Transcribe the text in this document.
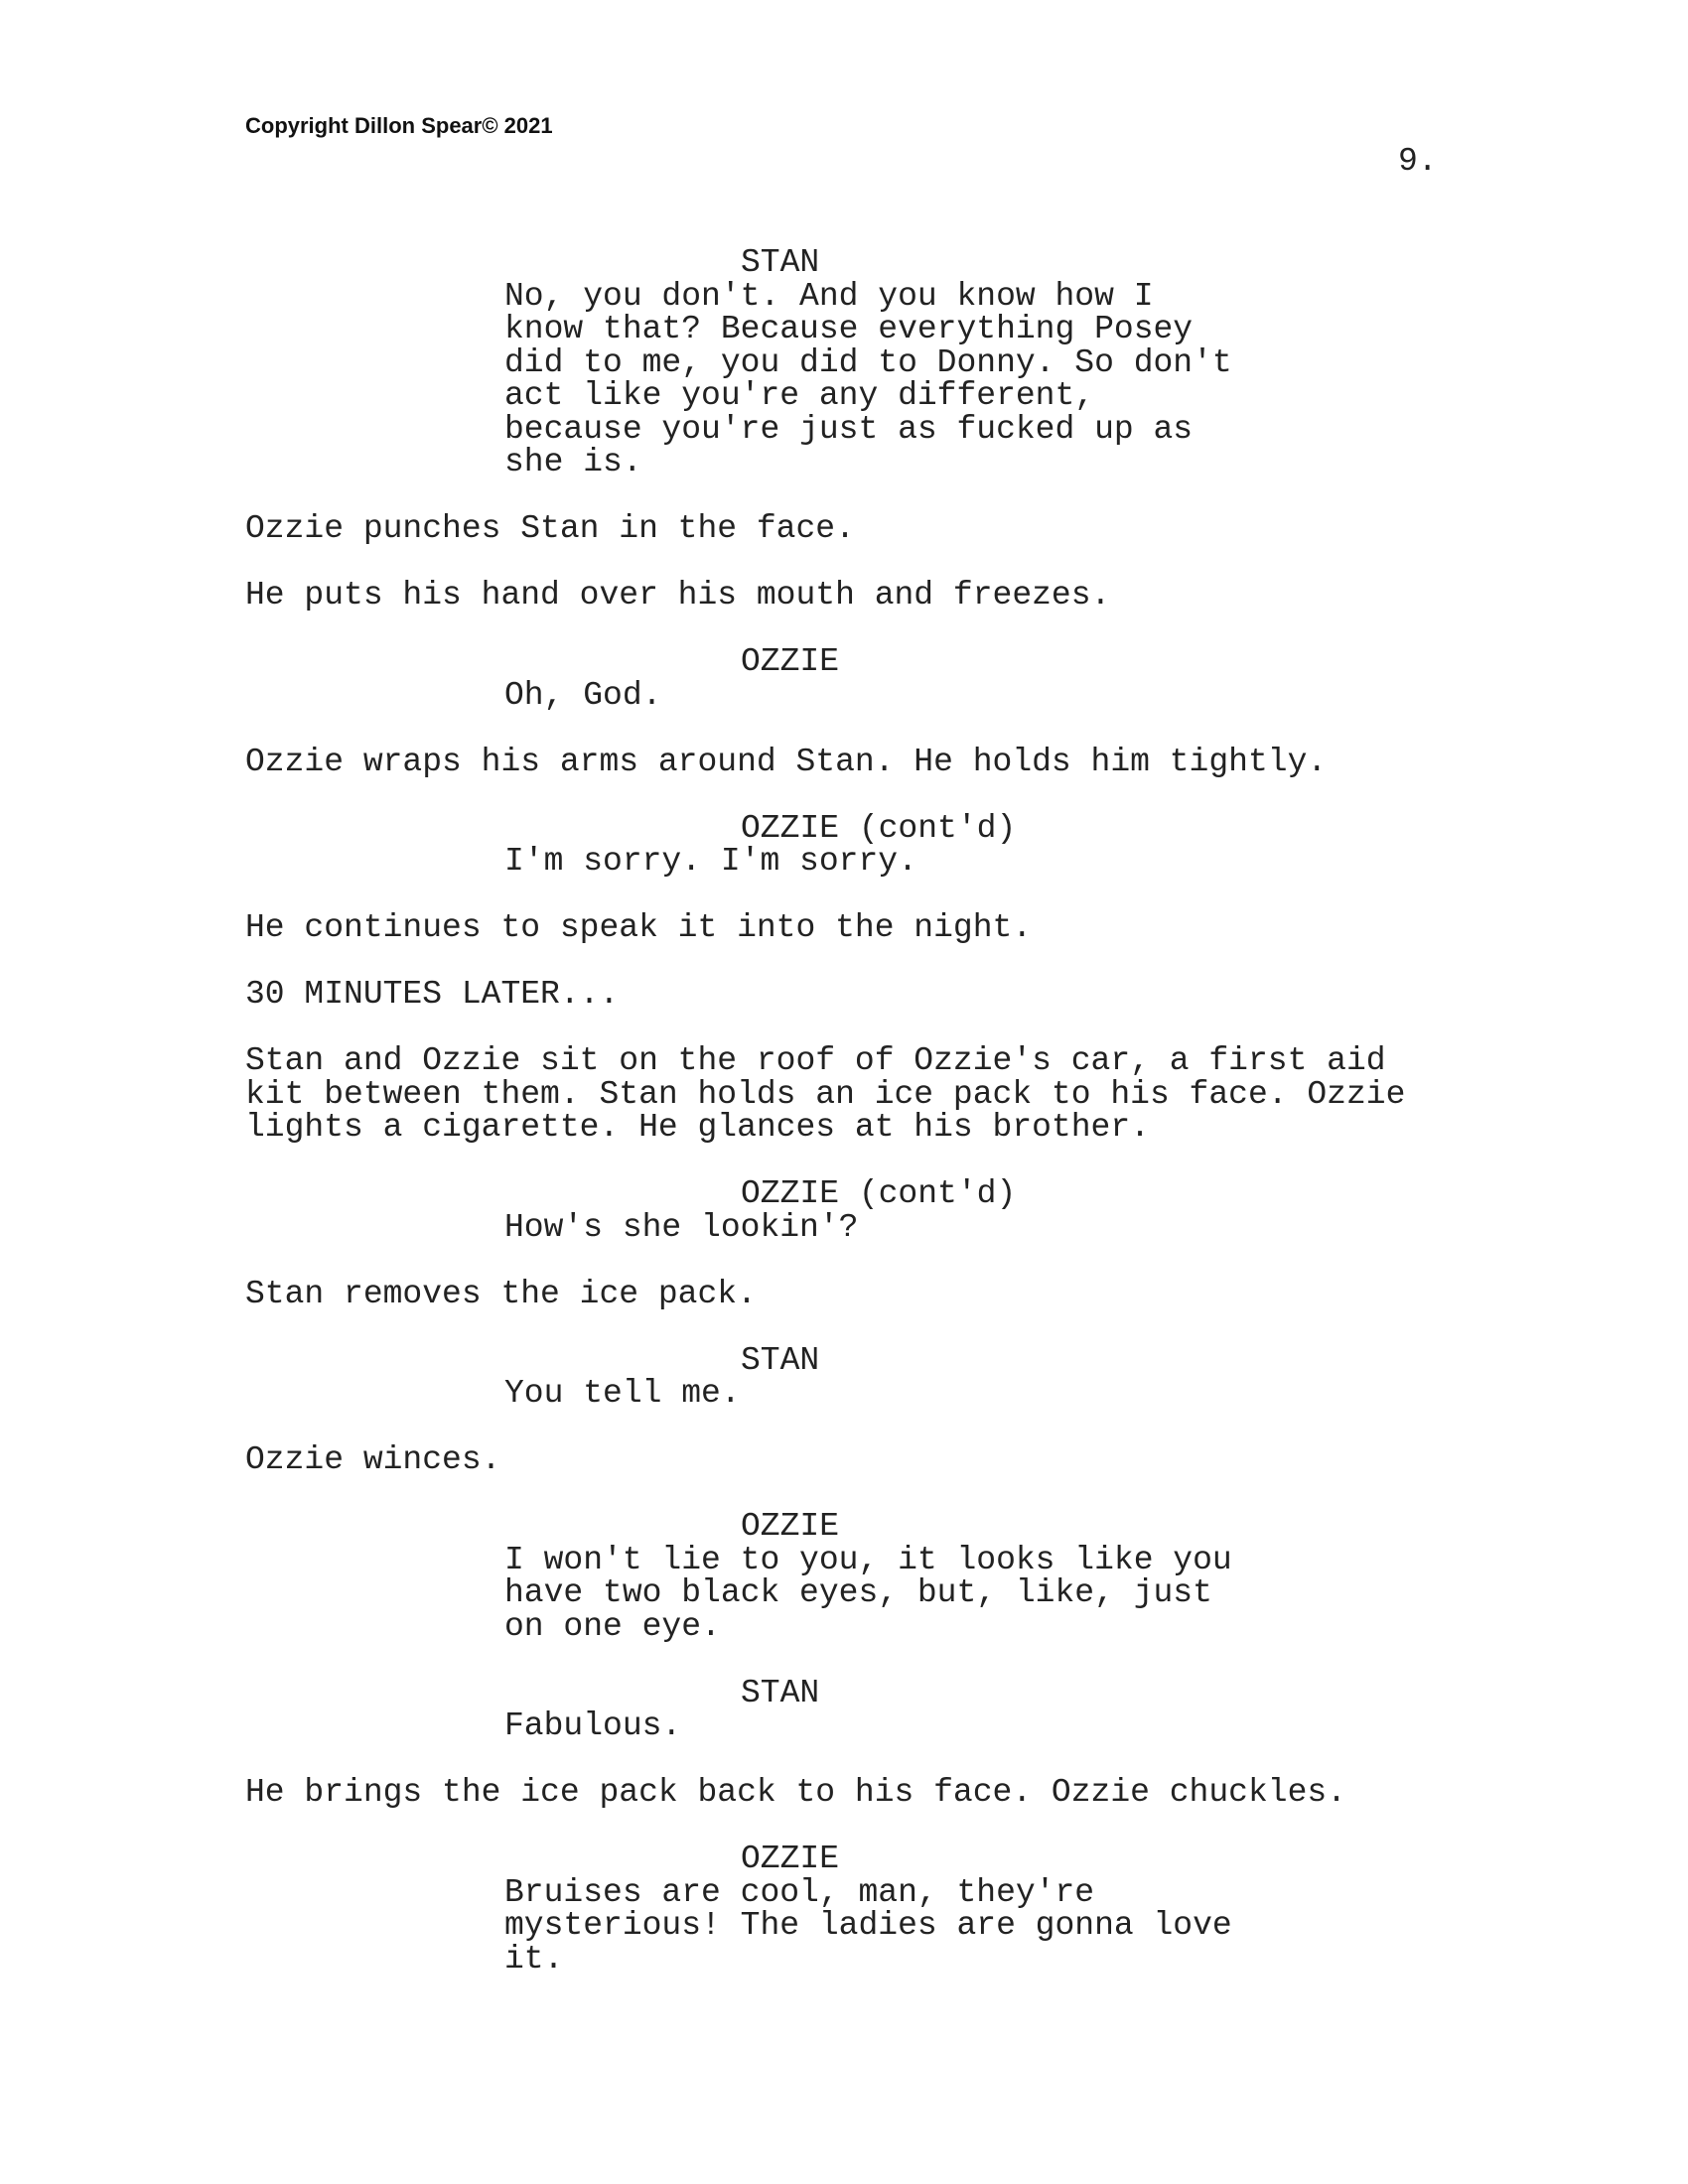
Copyright Dillon Spear© 2021
9.
STAN
No, you don't. And you know how I
know that? Because everything Posey
did to me, you did to Donny. So don't
act like you're any different,
because you're just as fucked up as
she is.
Ozzie punches Stan in the face.
He puts his hand over his mouth and freezes.
OZZIE
Oh, God.
Ozzie wraps his arms around Stan. He holds him tightly.
OZZIE (cont'd)
I'm sorry. I'm sorry.
He continues to speak it into the night.
30 MINUTES LATER...
Stan and Ozzie sit on the roof of Ozzie's car, a first aid
kit between them. Stan holds an ice pack to his face. Ozzie
lights a cigarette. He glances at his brother.
OZZIE (cont'd)
How's she lookin'?
Stan removes the ice pack.
STAN
You tell me.
Ozzie winces.
OZZIE
I won't lie to you, it looks like you
have two black eyes, but, like, just
on one eye.
STAN
Fabulous.
He brings the ice pack back to his face. Ozzie chuckles.
OZZIE
Bruises are cool, man, they're
mysterious! The ladies are gonna love
it.
